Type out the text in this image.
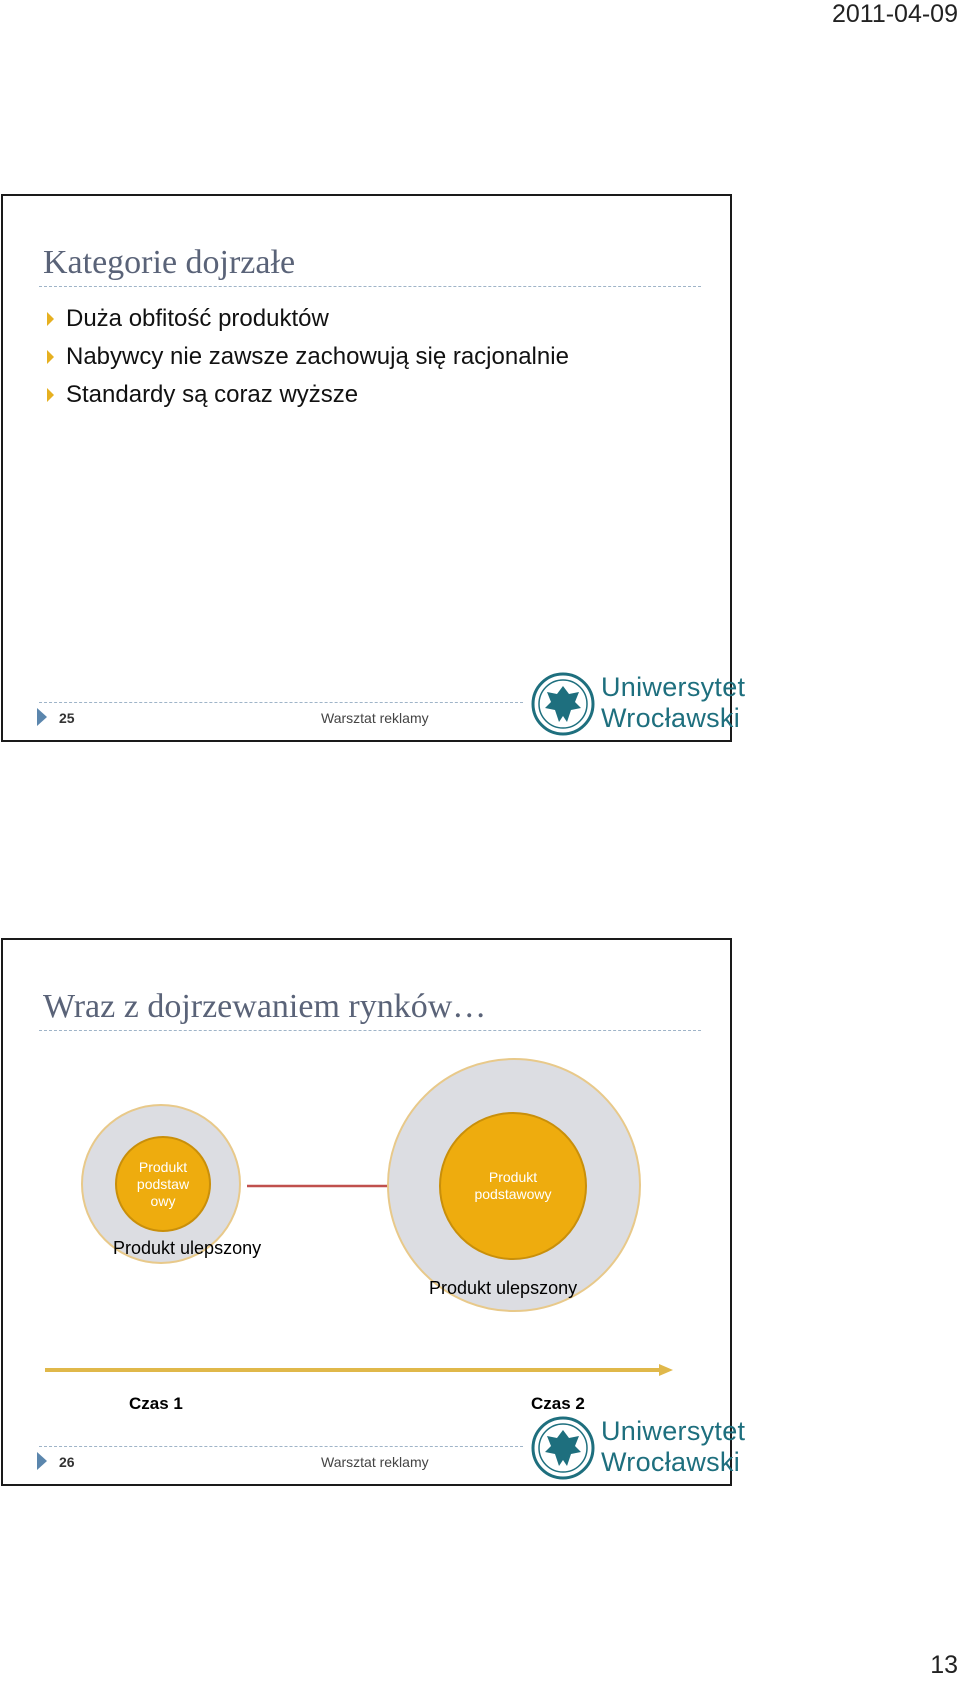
2011-04-09
Kategorie dojrzałe
Duża obfitość produktów
Nabywcy nie zawsze zachowują się racjonalnie
Standardy są coraz wyższe
25	Warsztat reklamy
Uniwersytet
Wrocławski
Wraz z dojrzewaniem rynków…
Produkt podstaw owy
Produkt ulepszony
Produkt podstawowy
Produkt ulepszony
Czas 1	Czas 2
26	Warsztat reklamy
Uniwersytet
Wrocławski
13
